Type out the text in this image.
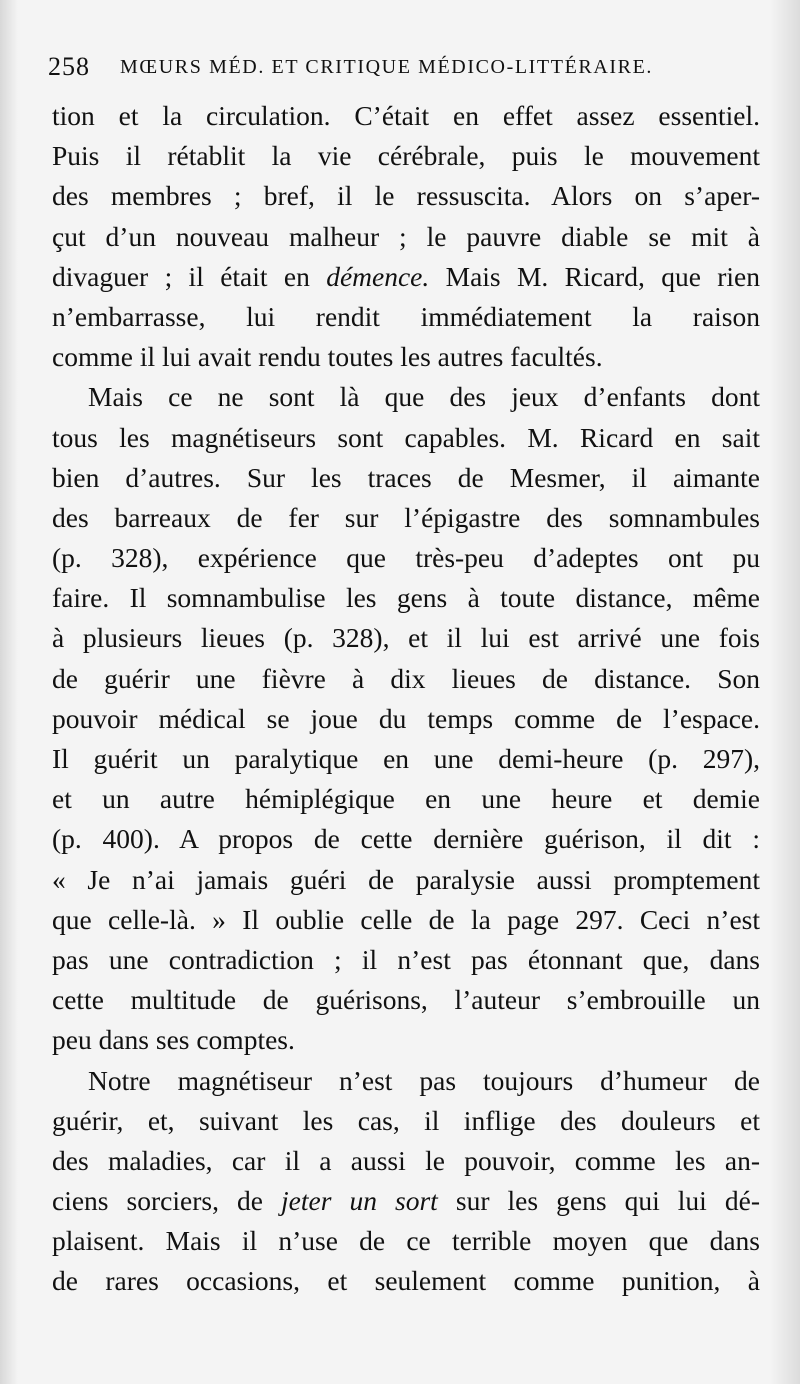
258 MŒURS MÉD. ET CRITIQUE MÉDICO-LITTÉRAIRE.
tion et la circulation. C’était en effet assez essentiel.
Puis il rétablit la vie cérébrale, puis le mouvement
des membres ; bref, il le ressuscita. Alors on s’aper-
çut d’un nouveau malheur ; le pauvre diable se mit à
divaguer ; il était en démence. Mais M. Ricard, que rien
n’embarrasse, lui rendit immédiatement la raison
comme il lui avait rendu toutes les autres facultés.
Mais ce ne sont là que des jeux d’enfants dont
tous les magnétiseurs sont capables. M. Ricard en sait
bien d’autres. Sur les traces de Mesmer, il aimante
des barreaux de fer sur l’épigastre des somnambules
(p. 328), expérience que très-peu d’adeptes ont pu
faire. Il somnambulise les gens à toute distance, même
à plusieurs lieues (p. 328), et il lui est arrivé une fois
de guérir une fièvre à dix lieues de distance. Son
pouvoir médical se joue du temps comme de l’espace.
Il guérit un paralytique en une demi-heure (p. 297),
et un autre hémiplégique en une heure et demie
(p. 400). A propos de cette dernière guérison, il dit :
« Je n’ai jamais guéri de paralysie aussi promptement
que celle-là. » Il oublie celle de la page 297. Ceci n’est
pas une contradiction ; il n’est pas étonnant que, dans
cette multitude de guérisons, l’auteur s’embrouille un
peu dans ses comptes.
Notre magnétiseur n’est pas toujours d’humeur de
guérir, et, suivant les cas, il inflige des douleurs et
des maladies, car il a aussi le pouvoir, comme les an-
ciens sorciers, de jeter un sort sur les gens qui lui dé-
plaisent. Mais il n’use de ce terrible moyen que dans
de rares occasions, et seulement comme punition, à
